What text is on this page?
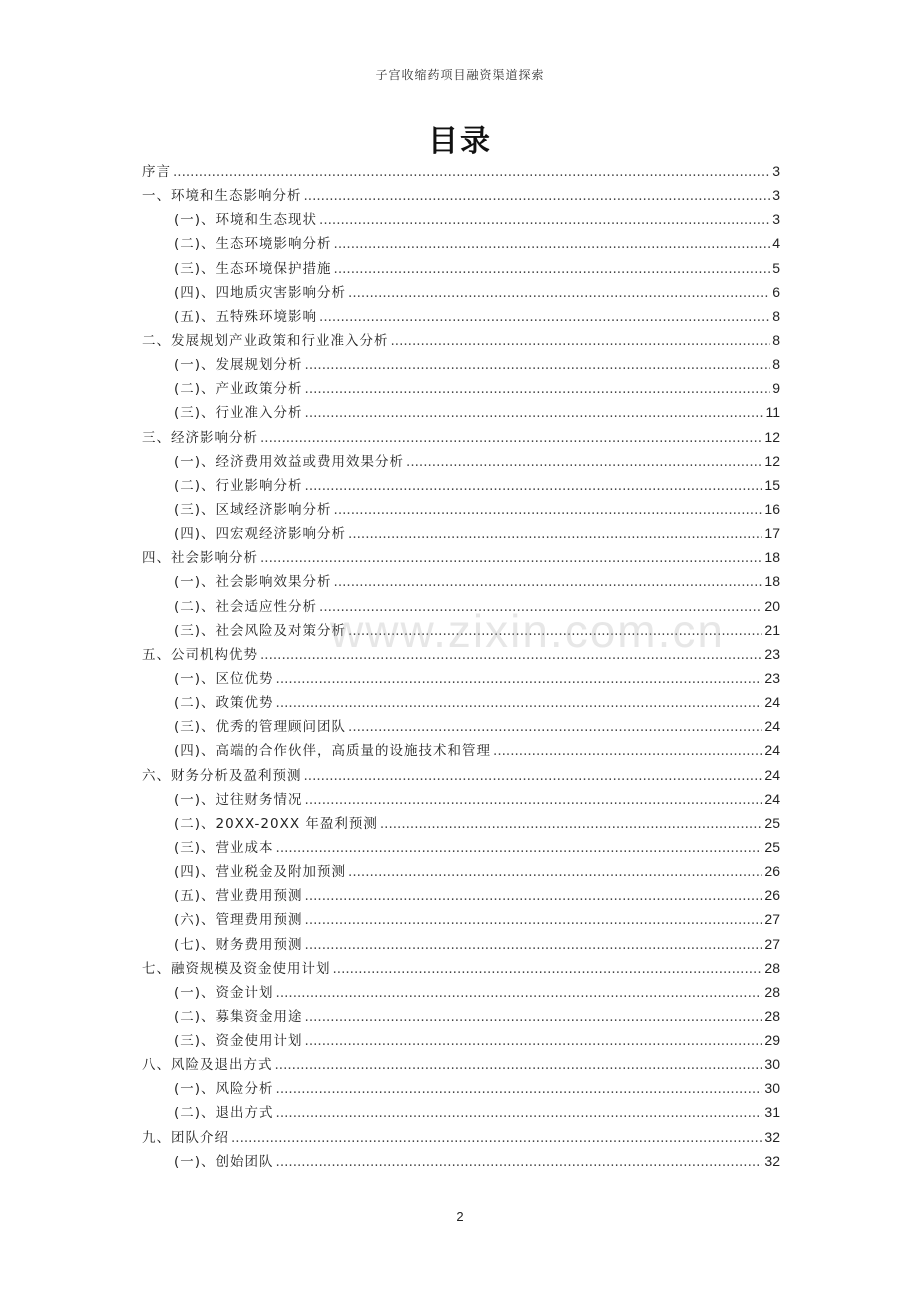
子宫收缩药项目融资渠道探索
目录
序言 .....	3
一、环境和生态影响分析 .....	3
(一)、环境和生态现状 .....	3
(二)、生态环境影响分析 .....	4
(三)、生态环境保护措施 .....	5
(四)、四地质灾害影响分析 .....	6
(五)、五特殊环境影响 .....	8
二、发展规划产业政策和行业准入分析 .....	8
(一)、发展规划分析 .....	8
(二)、产业政策分析 .....	9
(三)、行业准入分析 .....	11
三、经济影响分析 .....	12
(一)、经济费用效益或费用效果分析 .....	12
(二)、行业影响分析 .....	15
(三)、区域经济影响分析 .....	16
(四)、四宏观经济影响分析 .....	17
四、社会影响分析 .....	18
(一)、社会影响效果分析 .....	18
(二)、社会适应性分析 .....	20
(三)、社会风险及对策分析 .....	21
五、公司机构优势 .....	23
(一)、区位优势 .....	23
(二)、政策优势 .....	24
(三)、优秀的管理顾问团队 .....	24
(四)、高端的合作伙伴，高质量的设施技术和管理 .....	24
六、财务分析及盈利预测 .....	24
(一)、过往财务情况 .....	24
(二)、20XX-20XX 年盈利预测 .....	25
(三)、营业成本 .....	25
(四)、营业税金及附加预测 .....	26
(五)、营业费用预测 .....	26
(六)、管理费用预测 .....	27
(七)、财务费用预测 .....	27
七、融资规模及资金使用计划 .....	28
(一)、资金计划 .....	28
(二)、募集资金用途 .....	28
(三)、资金使用计划 .....	29
八、风险及退出方式 .....	30
(一)、风险分析 .....	30
(二)、退出方式 .....	31
九、团队介绍 .....	32
(一)、创始团队 .....	32
www.zixin.com.cn
2
